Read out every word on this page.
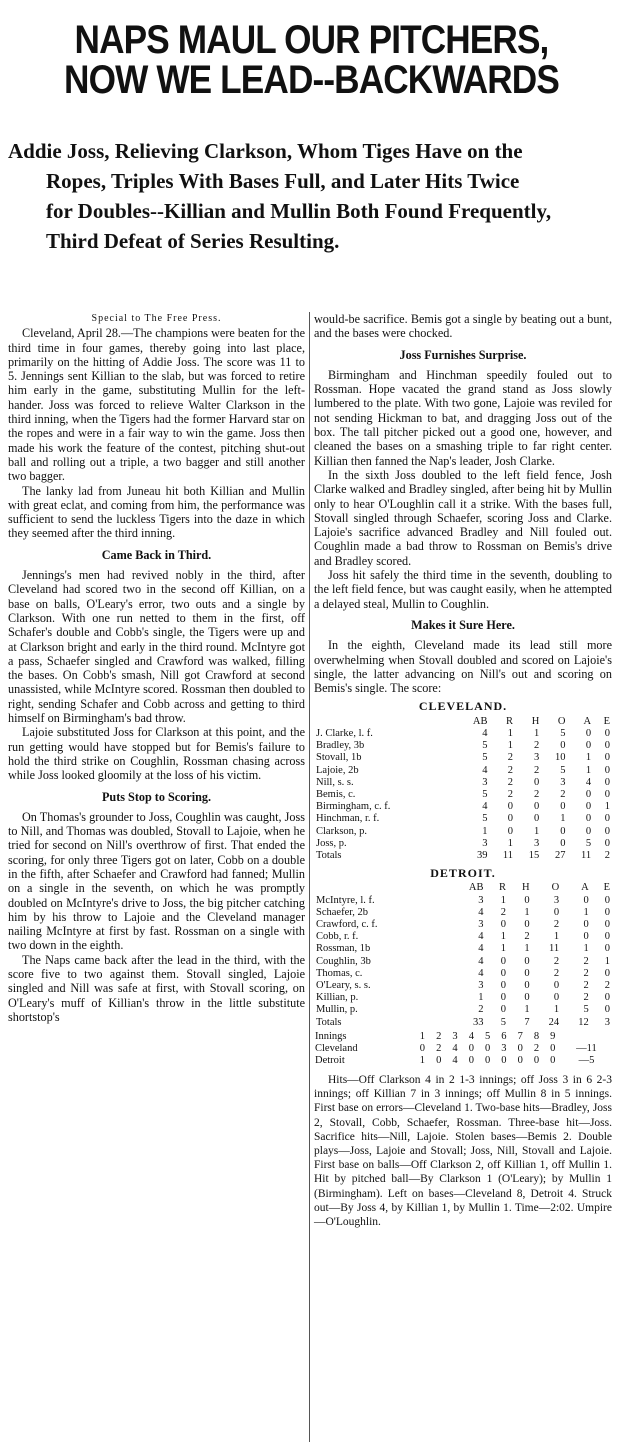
NAPS MAUL OUR PITCHERS,
NOW WE LEAD--BACKWARDS
Addie Joss, Relieving Clarkson, Whom Tiges Have on the
Ropes, Triples With Bases Full, and Later Hits Twice
for Doubles--Killian and Mullin Both Found Frequently,
Third Defeat of Series Resulting.
Special to The Free Press.

Cleveland, April 28.—The champions were beaten for the third time in four games, thereby going into last place, primarily on the hitting of Addie Joss. The score was 11 to 5. Jennings sent Killian to the slab, but was forced to retire him early in the game, substituting Mullin for the left-hander. Joss was forced to relieve Walter Clarkson in the third inning, when the Tigers had the former Harvard star on the ropes and were in a fair way to win the game. Joss then made his work the feature of the contest, pitching shut-out ball and rolling out a triple, a two bagger and still another two bagger.

The lanky lad from Juneau hit both Killian and Mullin with great eclat, and coming from him, the performance was sufficient to send the luckless Tigers into the daze in which they seemed after the third inning.

Came Back in Third.

Jennings's men had revived nobly in the third, after Cleveland had scored two in the second off Killian, on a base on balls, O'Leary's error, two outs and a single by Clarkson. With one run netted to them in the first, off Schafer's double and Cobb's single, the Tigers were up and at Clarkson bright and early in the third round. McIntyre got a pass, Schaefer singled and Crawford was walked, filling the bases. On Cobb's smash, Nill got Crawford at second unassisted, while McIntyre scored. Rossman then doubled to right, sending Schafer and Cobb across and getting to third himself on Birmingham's bad throw.

Lajoie substituted Joss for Clarkson at this point, and the run getting would have stopped but for Bemis's failure to hold the third strike on Coughlin, Rossman chasing across while Joss looked gloomily at the loss of his victim.

Puts Stop to Scoring.

On Thomas's grounder to Joss, Coughlin was caught, Joss to Nill, and Thomas was doubled, Stovall to Lajoie, when he tried for second on Nill's overthrow of first. That ended the scoring, for only three Tigers got on later, Cobb on a double in the fifth, after Schaefer and Crawford had fanned; Mullin on a single in the seventh, on which he was promptly doubled on McIntyre's drive to Joss, the big pitcher catching him by his throw to Lajoie and the Cleveland manager nailing McIntyre at first by fast. Rossman on a single with two down in the eighth.

The Naps came back after the lead in the third, with the score five to two against them. Stovall singled, Lajoie singled and Nill was safe at first, with Stovall scoring, on O'Leary's muff of Killian's throw in the little substitute shortstop's

would-be sacrifice. Bemis got a single by beating out a bunt, and the bases were chocked.

Joss Furnishes Surprise.

Birmingham and Hinchman speedily fouled out to Rossman. Hope vacated the grand stand as Joss slowly lumbered to the plate. With two gone, Lajoie was reviled for not sending Hickman to bat, and dragging Joss out of the box. The tall pitcher picked out a good one, however, and cleaned the bases on a smashing triple to far right center. Killian then fanned the Nap's leader, Josh Clarke.

In the sixth Joss doubled to the left field fence, Josh Clarke walked and Bradley singled, after being hit by Mullin only to hear O'Loughlin call it a strike. With the bases full, Stovall singled through Schaefer, scoring Joss and Clarke. Lajoie's sacrifice advanced Bradley and Nill fouled out. Coughlin made a bad throw to Rossman on Bemis's drive and Bradley scored.

Joss hit safely the third time in the seventh, doubling to the left field fence, but was caught easily, when he attempted a delayed steal, Mullin to Coughlin.

Makes it Sure Here.

In the eighth, Cleveland made its lead still more overwhelming when Stovall doubled and scored on Lajoie's single, the latter advancing on Nill's out and scoring on Bemis's single. The score:

CLEVELAND.
	AB	R	H	O	A	E
J. Clarke, l. f.	4	1	1	5	0	0
Bradley, 3b	5	1	2	0	0	0
Stovall, 1b	5	2	3	10	1	0
Lajoie, 2b	4	2	2	5	1	0
Nill, s. s.	3	2	0	3	4	0
Bemis, c.	5	2	2	2	0	0
Birmingham, c. f.	4	0	0	0	0	1
Hinchman, r. f.	5	0	0	1	0	0
Clarkson, p.	1	0	1	0	0	0
Joss, p.	3	1	3	0	5	0
Totals	39	11	15	27	11	2
DETROIT.
	AB	R	H	O	A	E
McIntyre, l. f.	3	1	0	3	0	0
Schaefer, 2b	4	2	1	0	1	0
Crawford, c. f.	3	0	0	2	0	0
Cobb, r. f.	4	1	2	1	0	0
Rossman, 1b	4	1	1	11	1	0
Coughlin, 3b	4	0	0	2	2	1
Thomas, c.	4	0	0	2	2	0
O'Leary, s. s.	3	0	0	0	2	2
Killian, p.	1	0	0	0	2	0
Mullin, p.	2	0	1	1	5	0
Totals	33	5	7	24	12	3
Innings	1	2	3	4	5	6	7	8	9	
Cleveland	0	2	4	0	0	3	0	2	0	—11
Detroit	1	0	4	0	0	0	0	0	0	—5
Hits—Off Clarkson 4 in 2 1-3 innings; off Joss 3 in 6 2-3 innings; off Killian 7 in 3 innings; off Mullin 8 in 5 innings. First base on errors—Cleveland 1. Two-base hits—Bradley, Joss 2, Stovall, Cobb, Schaefer, Rossman. Three-base hit—Joss. Sacrifice hits—Nill, Lajoie. Stolen bases—Bemis 2. Double plays—Joss, Lajoie and Stovall; Joss, Nill, Stovall and Lajoie. First base on balls—Off Clarkson 2, off Killian 1, off Mullin 1. Hit by pitched ball—By Clarkson 1 (O'Leary); by Mullin 1 (Birmingham). Left on bases—Cleveland 8, Detroit 4. Struck out—By Joss 4, by Killian 1, by Mullin 1. Time—2:02. Umpire—O'Loughlin.
